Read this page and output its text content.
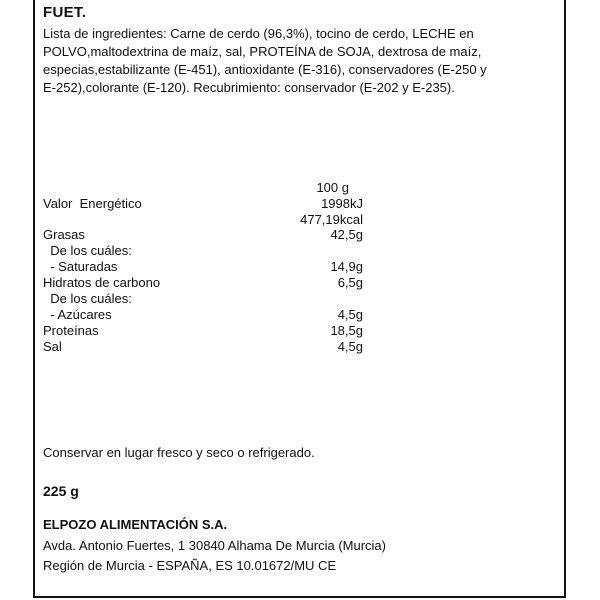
FUET.
Lista de ingredientes: Carne de cerdo (96,3%), tocino de cerdo, LECHE en
POLVO,maltodextrina de maíz, sal, PROTEÍNA de SOJA, dextrosa de maíz,
especias,estabilizante (E-451), antioxidante (E-316), conservadores (E-250 y
E-252),colorante (E-120). Recubrimiento: conservador (E-202 y E-235).
100 g
Valor  Energético	1998kJ
477,19kcal
Grasas	42,5g
De los cuáles:
- Saturadas	14,9g
Hidratos de carbono	6,5g
De los cuáles:
- Azúcares	4,5g
Proteínas	18,5g
Sal	4,5g
Conservar en lugar fresco y seco o refrigerado.
225 g
ELPOZO ALIMENTACIÓN S.A.
Avda. Antonio Fuertes, 1 30840 Alhama De Murcia (Murcia)
Región de Murcia - ESPAÑA, ES 10.01672/MU CE
